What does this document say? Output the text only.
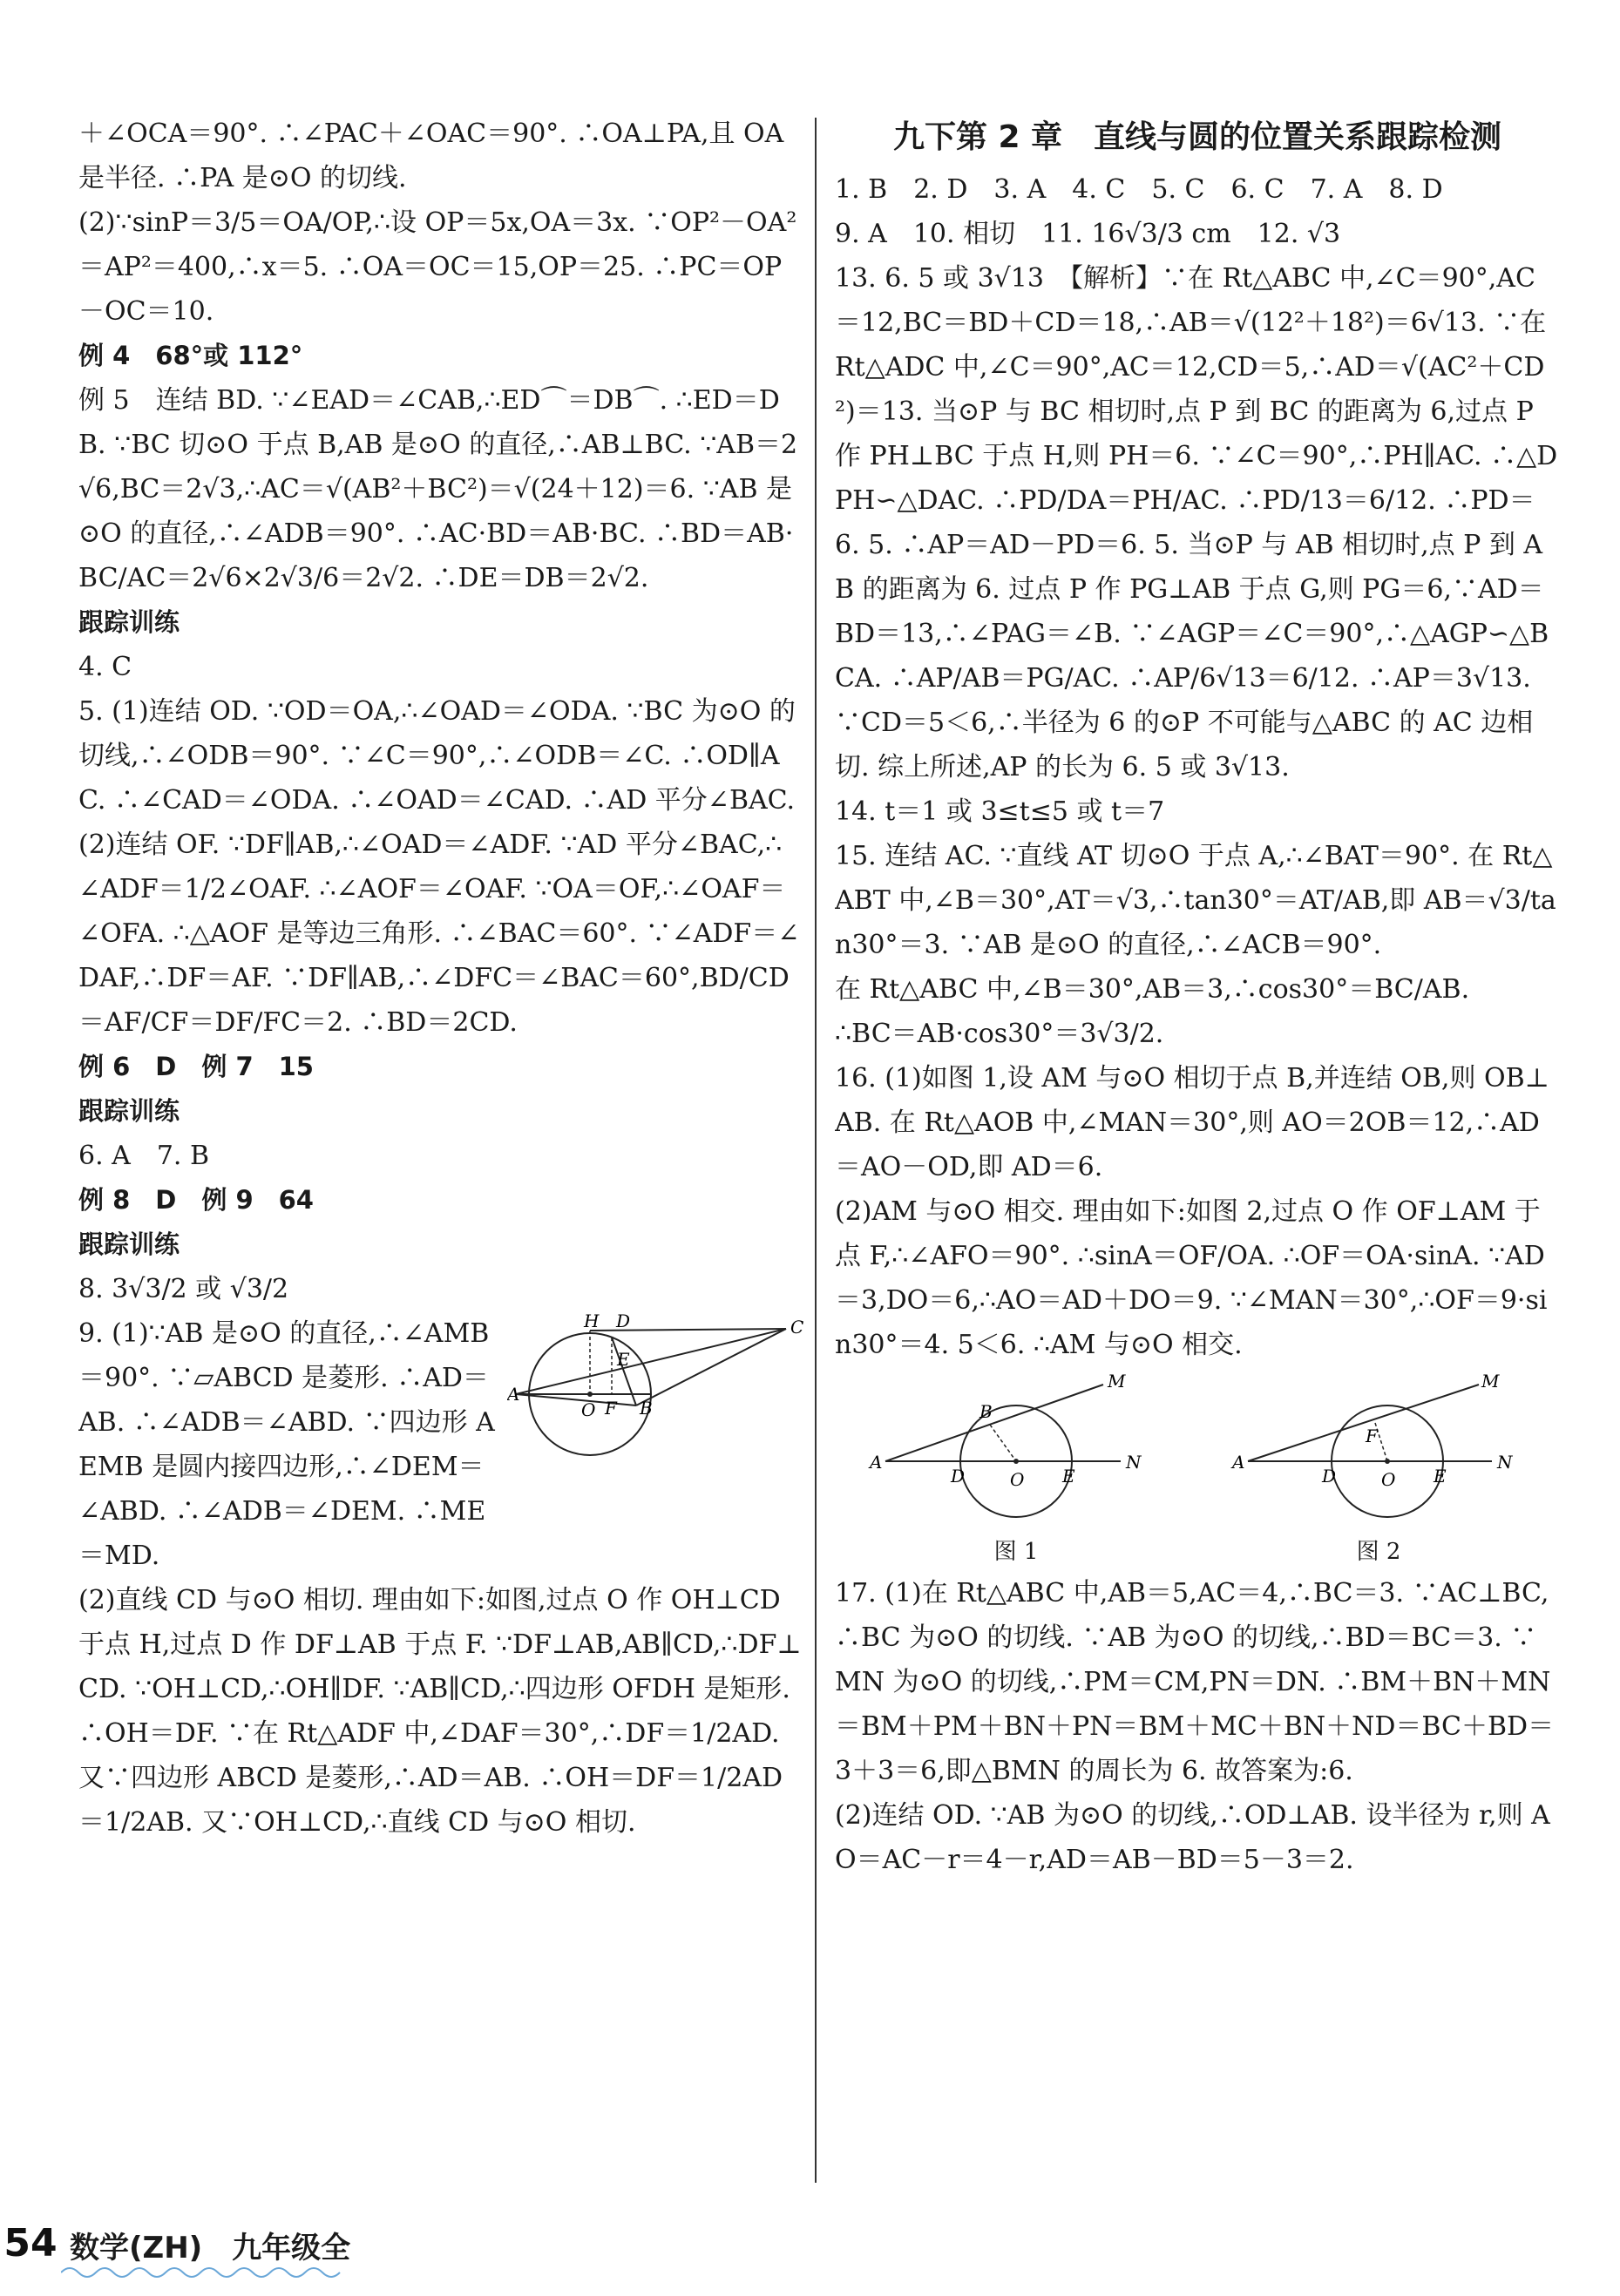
＋∠OCA＝90°. ∴∠PAC＋∠OAC＝90°. ∴OA⊥PA,且 OA 是半径. ∴PA 是⊙O 的切线.

(2)∵sinP＝3/5＝OA/OP,∴设 OP＝5x,OA＝3x. ∵OP²－OA²＝AP²＝400,∴x＝5. ∴OA＝OC＝15,OP＝25. ∴PC＝OP－OC＝10.

例 4　68°或 112°

例 5　连结 BD. ∵∠EAD＝∠CAB,∴ED⌒＝DB⌒. ∴ED＝DB. ∵BC 切⊙O 于点 B,AB 是⊙O 的直径,∴AB⊥BC. ∵AB＝2√6,BC＝2√3,∴AC＝√(AB²＋BC²)＝√(24＋12)＝6. ∵AB 是⊙O 的直径,∴∠ADB＝90°. ∴AC·BD＝AB·BC. ∴BD＝AB·BC/AC＝2√6×2√3/6＝2√2. ∴DE＝DB＝2√2.

跟踪训练

4. C

5. (1)连结 OD. ∵OD＝OA,∴∠OAD＝∠ODA. ∵BC 为⊙O 的切线,∴∠ODB＝90°. ∵∠C＝90°,∴∠ODB＝∠C. ∴OD∥AC. ∴∠CAD＝∠ODA. ∴∠OAD＝∠CAD. ∴AD 平分∠BAC.

(2)连结 OF. ∵DF∥AB,∴∠OAD＝∠ADF. ∵AD 平分∠BAC,∴∠ADF＝1/2∠OAF. ∴∠AOF＝∠OAF. ∵OA＝OF,∴∠OAF＝∠OFA. ∴△AOF 是等边三角形. ∴∠BAC＝60°. ∵∠ADF＝∠DAF,∴DF＝AF. ∵DF∥AB,∴∠DFC＝∠BAC＝60°,BD/CD＝AF/CF＝DF/FC＝2. ∴BD＝2CD.

例 6　D　例 7　15

跟踪训练

6. A　7. B

例 8　D　例 9　64

跟踪训练

8. 3√3/2 或 √3/2

H D	C
E
A
O F B

9. (1)∵AB 是⊙O 的直径,∴∠AMB＝90°. ∵▱ABCD 是菱形. ∴AD＝AB. ∴∠ADB＝∠ABD. ∵四边形 AEMB 是圆内接四边形,∴∠DEM＝∠ABD. ∴∠ADB＝∠DEM. ∴ME＝MD.

(2)直线 CD 与⊙O 相切. 理由如下:如图,过点 O 作 OH⊥CD 于点 H,过点 D 作 DF⊥AB 于点 F. ∵DF⊥AB,AB∥CD,∴DF⊥CD. ∵OH⊥CD,∴OH∥DF. ∵AB∥CD,∴四边形 OFDH 是矩形. ∴OH＝DF. ∵在 Rt△ADF 中,∠DAF＝30°,∴DF＝1/2AD. 又∵四边形 ABCD 是菱形,∴AD＝AB. ∴OH＝DF＝1/2AD＝1/2AB. 又∵OH⊥CD,∴直线 CD 与⊙O 相切.

九下第 2 章　直线与圆的位置关系跟踪检测

1. B　2. D　3. A　4. C　5. C　6. C　7. A　8. D

9. A　10. 相切　11. 16√3/3 cm　12. √3

13. 6. 5 或 3√13　【解析】∵在 Rt△ABC 中,∠C＝90°,AC＝12,BC＝BD＋CD＝18,∴AB＝√(12²＋18²)＝6√13. ∵在 Rt△ADC 中,∠C＝90°,AC＝12,CD＝5,∴AD＝√(AC²＋CD²)＝13. 当⊙P 与 BC 相切时,点 P 到 BC 的距离为 6,过点 P 作 PH⊥BC 于点 H,则 PH＝6. ∵∠C＝90°,∴PH∥AC. ∴△DPH∽△DAC. ∴PD/DA＝PH/AC. ∴PD/13＝6/12. ∴PD＝6. 5. ∴AP＝AD－PD＝6. 5. 当⊙P 与 AB 相切时,点 P 到 AB 的距离为 6. 过点 P 作 PG⊥AB 于点 G,则 PG＝6,∵AD＝BD＝13,∴∠PAG＝∠B. ∵∠AGP＝∠C＝90°,∴△AGP∽△BCA. ∴AP/AB＝PG/AC. ∴AP/6√13＝6/12. ∴AP＝3√13. ∵CD＝5＜6,∴半径为 6 的⊙P 不可能与△ABC 的 AC 边相切. 综上所述,AP 的长为 6. 5 或 3√13.

14. t＝1 或 3≤t≤5 或 t＝7

15. 连结 AC. ∵直线 AT 切⊙O 于点 A,∴∠BAT＝90°. 在 Rt△ABT 中,∠B＝30°,AT＝√3,∴tan30°＝AT/AB,即 AB＝√3/tan30°＝3. ∵AB 是⊙O 的直径,∴∠ACB＝90°.

在 Rt△ABC 中,∠B＝30°,AB＝3,∴cos30°＝BC/AB.

∴BC＝AB·cos30°＝3√3/2.

16. (1)如图 1,设 AM 与⊙O 相切于点 B,并连结 OB,则 OB⊥AB. 在 Rt△AOB 中,∠MAN＝30°,则 AO＝2OB＝12,∴AD＝AO－OD,即 AD＝6.

(2)AM 与⊙O 相交. 理由如下:如图 2,过点 O 作 OF⊥AM 于点 F,∴∠AFO＝90°. ∴sinA＝OF/OA. ∴OF＝OA·sinA. ∵AD＝3,DO＝6,∴AO＝AD＋DO＝9. ∵∠MAN＝30°,∴OF＝9·sin30°＝4. 5＜6. ∴AM 与⊙O 相交.

M
B
A
D	O E
N
图 1
M
F
A
D	O E
N
图 2

17. (1)在 Rt△ABC 中,AB＝5,AC＝4,∴BC＝3. ∵AC⊥BC,∴BC 为⊙O 的切线. ∵AB 为⊙O 的切线,∴BD＝BC＝3. ∵MN 为⊙O 的切线,∴PM＝CM,PN＝DN. ∴BM＋BN＋MN＝BM＋PM＋BN＋PN＝BM＋MC＋BN＋ND＝BC＋BD＝3＋3＝6,即△BMN 的周长为 6. 故答案为:6.

(2)连结 OD. ∵AB 为⊙O 的切线,∴OD⊥AB. 设半径为 r,则 AO＝AC－r＝4－r,AD＝AB－BD＝5－3＝2.

54 数学(ZH)　九年级全
